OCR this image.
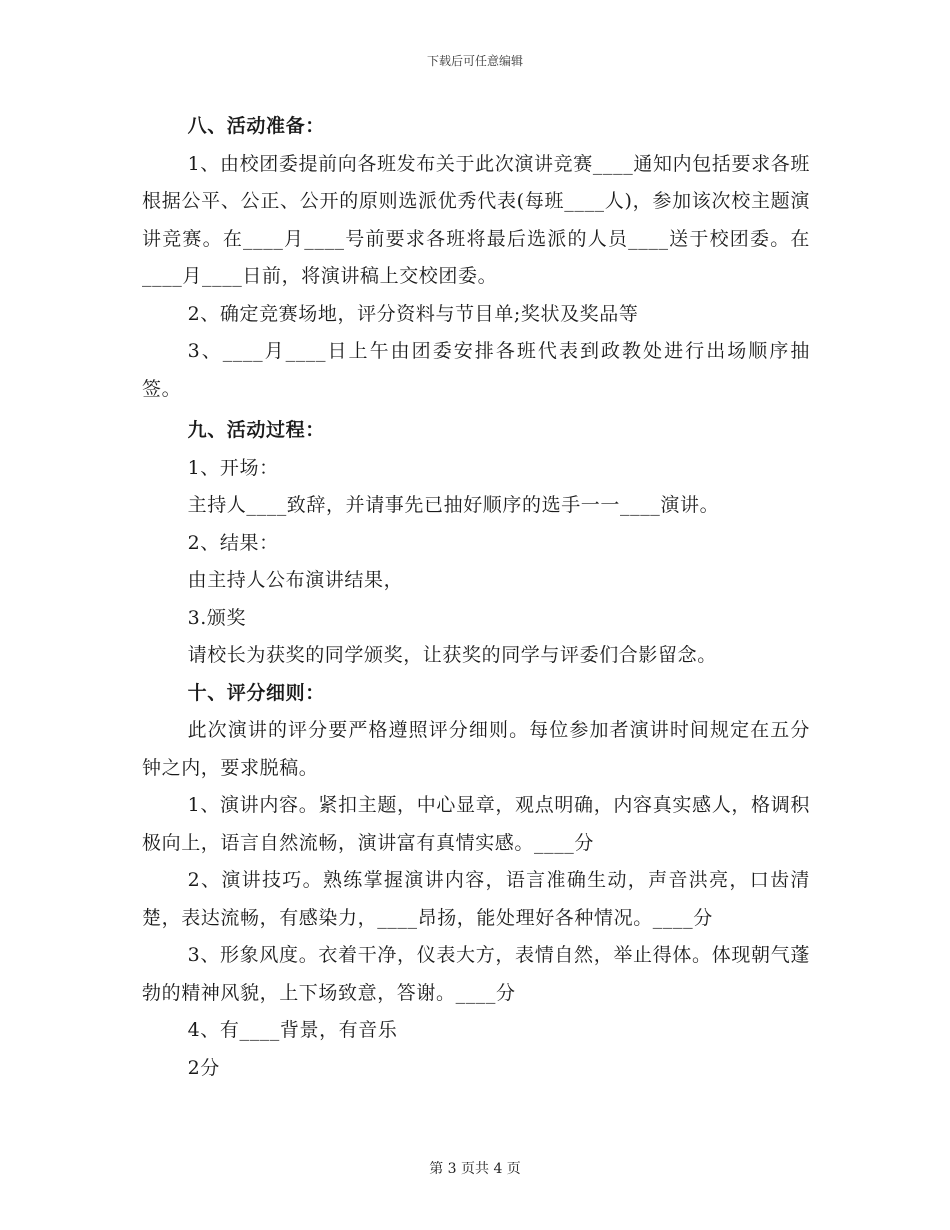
下载后可任意编辑

八、活动准备：

1、由校团委提前向各班发布关于此次演讲竞赛____通知内包括要求各班根据公平、公正、公开的原则选派优秀代表(每班____人)，参加该次校主题演讲竞赛。在____月____号前要求各班将最后选派的人员____送于校团委。在____月____日前，将演讲稿上交校团委。

2、确定竞赛场地，评分资料与节目单;奖状及奖品等

3、____月____日上午由团委安排各班代表到政教处进行出场顺序抽签。

九、活动过程：

1、开场：

主持人____致辞，并请事先已抽好顺序的选手一一____演讲。

2、结果：

由主持人公布演讲结果，

3.颁奖

请校长为获奖的同学颁奖，让获奖的同学与评委们合影留念。

十、评分细则：

此次演讲的评分要严格遵照评分细则。每位参加者演讲时间规定在五分钟之内，要求脱稿。

1、演讲内容。紧扣主题，中心显章，观点明确，内容真实感人，格调积极向上，语言自然流畅，演讲富有真情实感。____分

2、演讲技巧。熟练掌握演讲内容，语言准确生动，声音洪亮，口齿清楚，表达流畅，有感染力，____昂扬，能处理好各种情况。____分

3、形象风度。衣着干净，仪表大方，表情自然，举止得体。体现朝气蓬勃的精神风貌，上下场致意，答谢。____分

4、有____背景，有音乐

2分

第 3 页共 4 页
